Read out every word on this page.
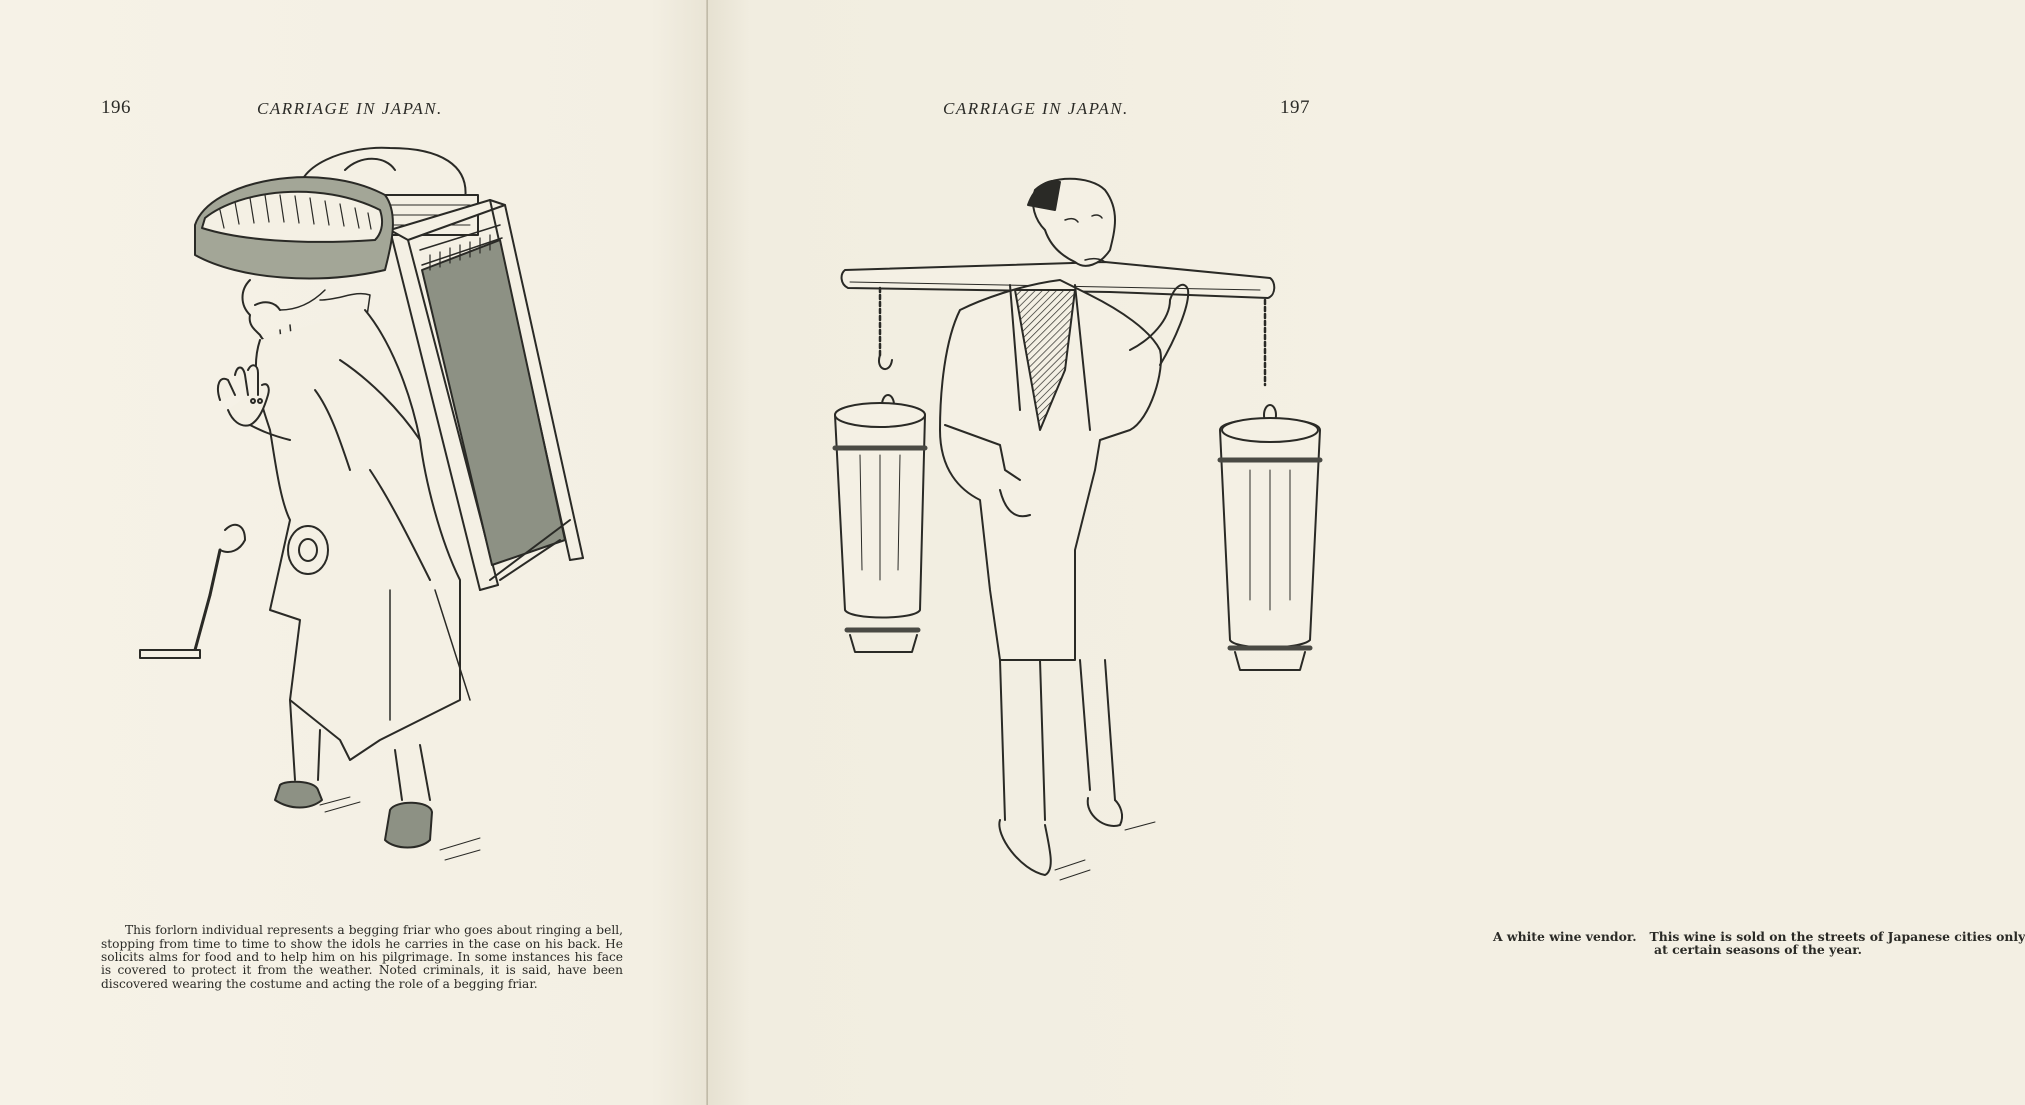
196	CARRIAGE IN JAPAN.

This forlorn individual represents a begging friar who goes about ringing a bell, stopping from time to time to show the idols he carries in the case on his back. He solicits alms for food and to help him on his pilgrimage. In some instances his face is covered to protect it from the weather. Noted criminals, it is said, have been discovered wearing the costume and acting the role of a begging friar.

CARRIAGE IN JAPAN.	197
A white wine vendor.   This wine is sold on the streets of Japanese cities only
at certain seasons of the year.
